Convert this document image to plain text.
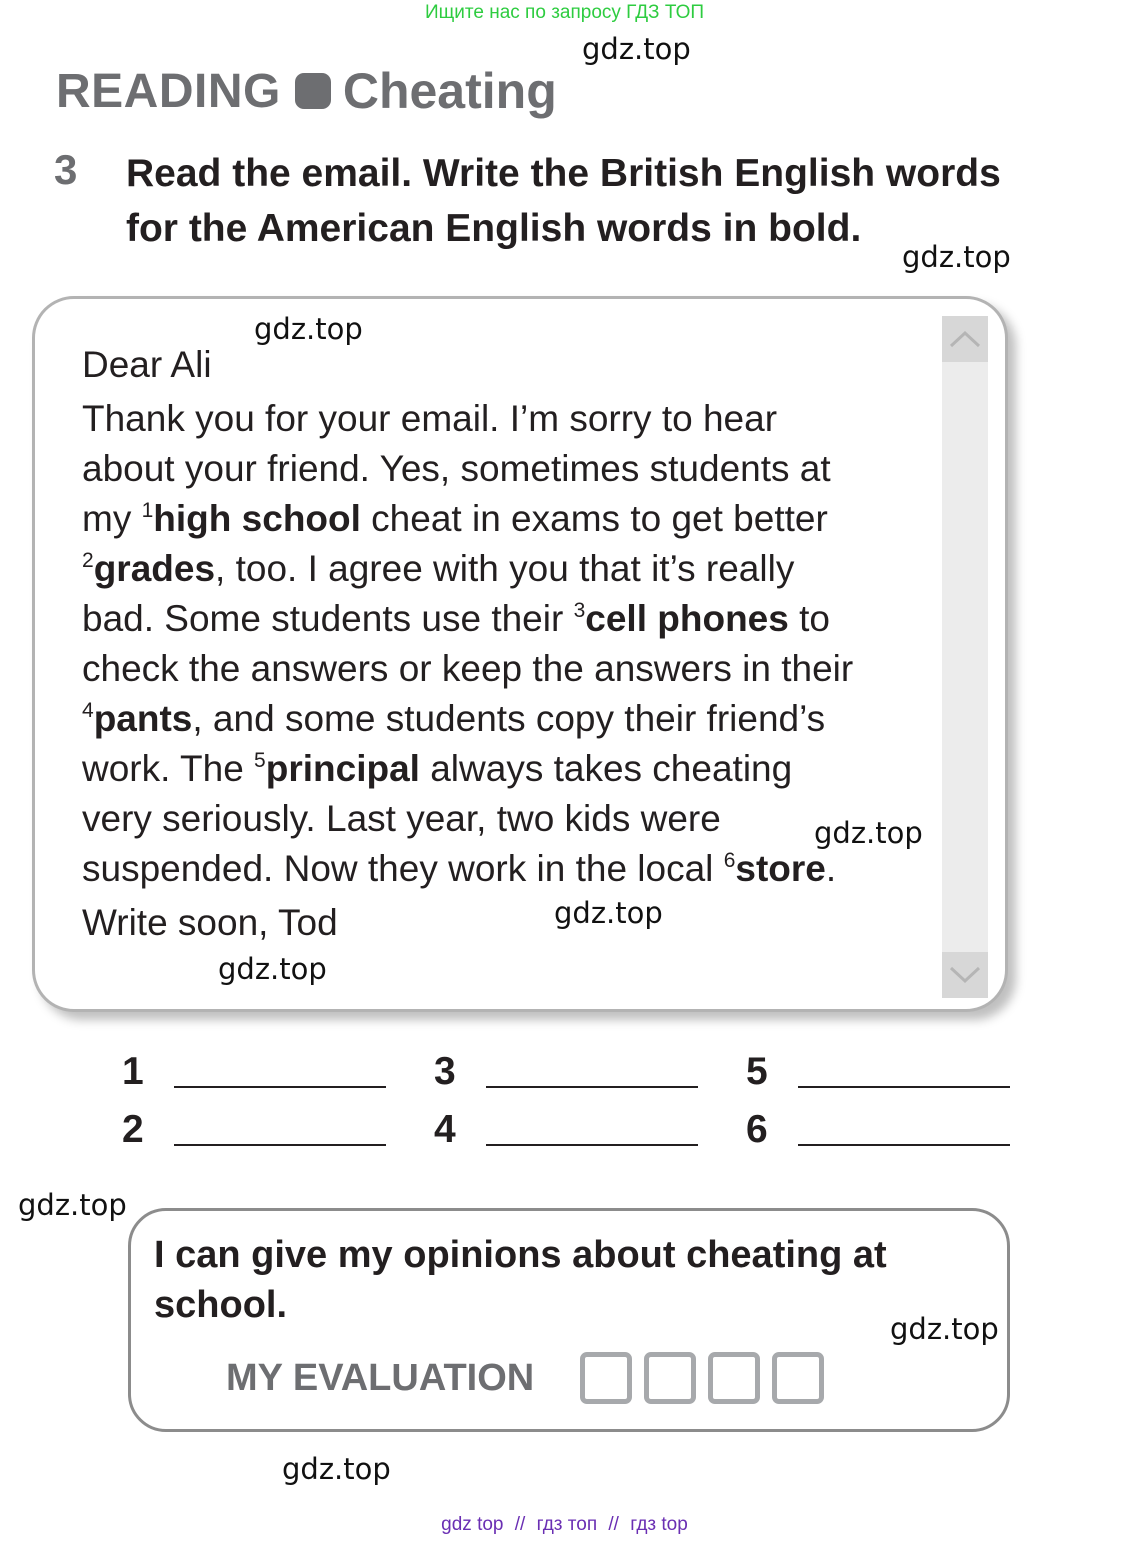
Ищите нас по запросу ГДЗ ТОП
gdz.top
READING Cheating
3 Read the email. Write the British English words
for the American English words in bold.
gdz.top
gdz.top
Dear Ali
Thank you for your email. I’m sorry to hear
about your friend. Yes, sometimes students at
my $^1$high school cheat in exams to get better
$^2$grades, too. I agree with you that it’s really
bad. Some students use their $^3$cell phones to
check the answers or keep the answers in their
$^4$pants, and some students copy their friend’s
work. The $^5$principal always takes cheating
very seriously. Last year, two kids were
suspended. Now they work in the local $^6$store.
Write soon, Tod
gdz.top
gdz.top
gdz.top
1
2
3
4
5
6
gdz.top
I can give my opinions about cheating at
school.
gdz.top
MY EVALUATION
gdz.top
gdz top // гдз топ // гдз top
